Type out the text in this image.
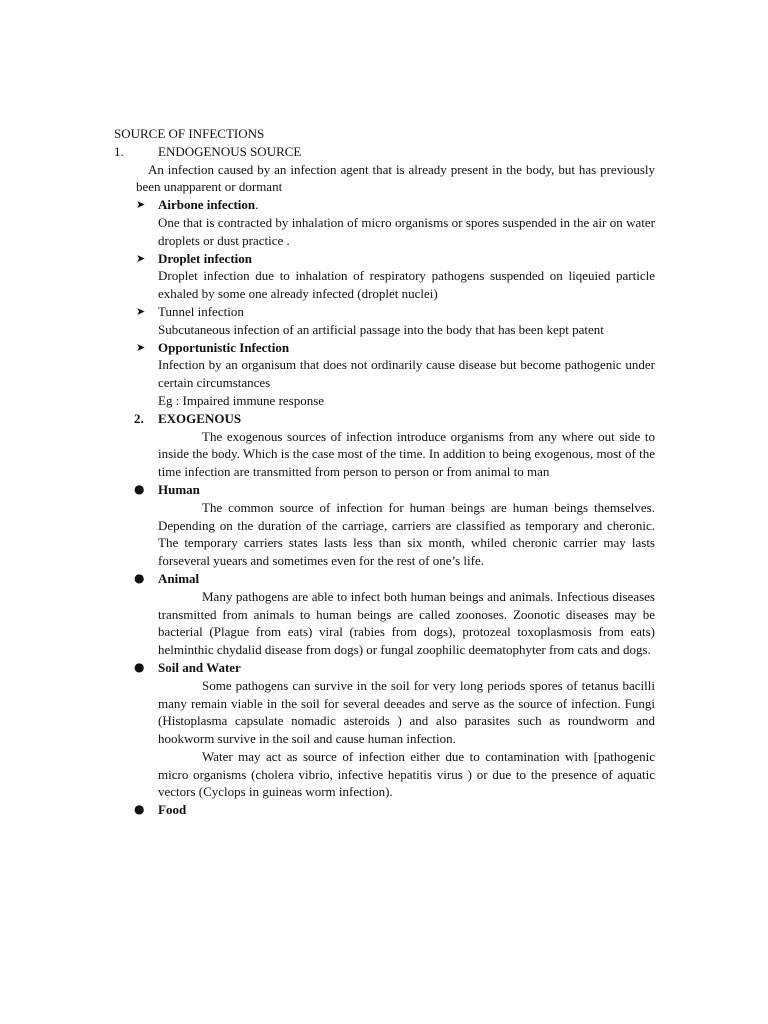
SOURCE OF INFECTIONS
1.	ENDOGENOUS SOURCE

An infection caused by an infection agent that is already present in the body, but has previously been unapparent or dormant

➤ Airbone infection.

One that is contracted by inhalation of micro organisms or spores suspended in the air on water droplets or dust practice .

➤ Droplet infection

Droplet infection due to inhalation of respiratory pathogens suspended on liqeuied particle exhaled by some one already infected (droplet nuclei)

➤ Tunnel infection

Subcutaneous infection of an artificial passage into the body that has been kept patent

➤ Opportunistic Infection

Infection by an organisum that does not ordinarily cause disease but become pathogenic under certain circumstances

Eg : Impaired immune response

2. EXOGENOUS

The exogenous sources of infection introduce organisms from any where out side to inside the body. Which is the case most of the time. In addition to being exogenous, most of the time infection are transmitted from person to person or from animal to man

● Human

The common source of infection for human beings are human beings themselves. Depending on the duration of the carriage, carriers are classified as temporary and cheronic. The temporary carriers states lasts less than six month, whiled cheronic carrier may lasts forseveral yuears and sometimes even for the rest of one’s life.

● Animal

Many pathogens are able to infect both human beings and animals. Infectious diseases transmitted from animals to human beings are called zoonoses. Zoonotic diseases may be bacterial (Plague from eats) viral (rabies from dogs), protozeal toxoplasmosis from eats) helminthic chydalid disease from dogs) or fungal zoophilic deematophyter from cats and dogs.

● Soil and Water

Some pathogens can survive in the soil for very long periods spores of tetanus bacilli many remain viable in the soil for several deeades and serve as the source of infection. Fungi (Histoplasma capsulate nomadic asteroids ) and also parasites such as roundworm and hookworm survive in the soil and cause human infection.

Water may act as source of infection either due to contamination with [pathogenic micro organisms (cholera vibrio, infective hepatitis virus ) or due to the presence of aquatic vectors (Cyclops in guineas worm infection).

● Food
